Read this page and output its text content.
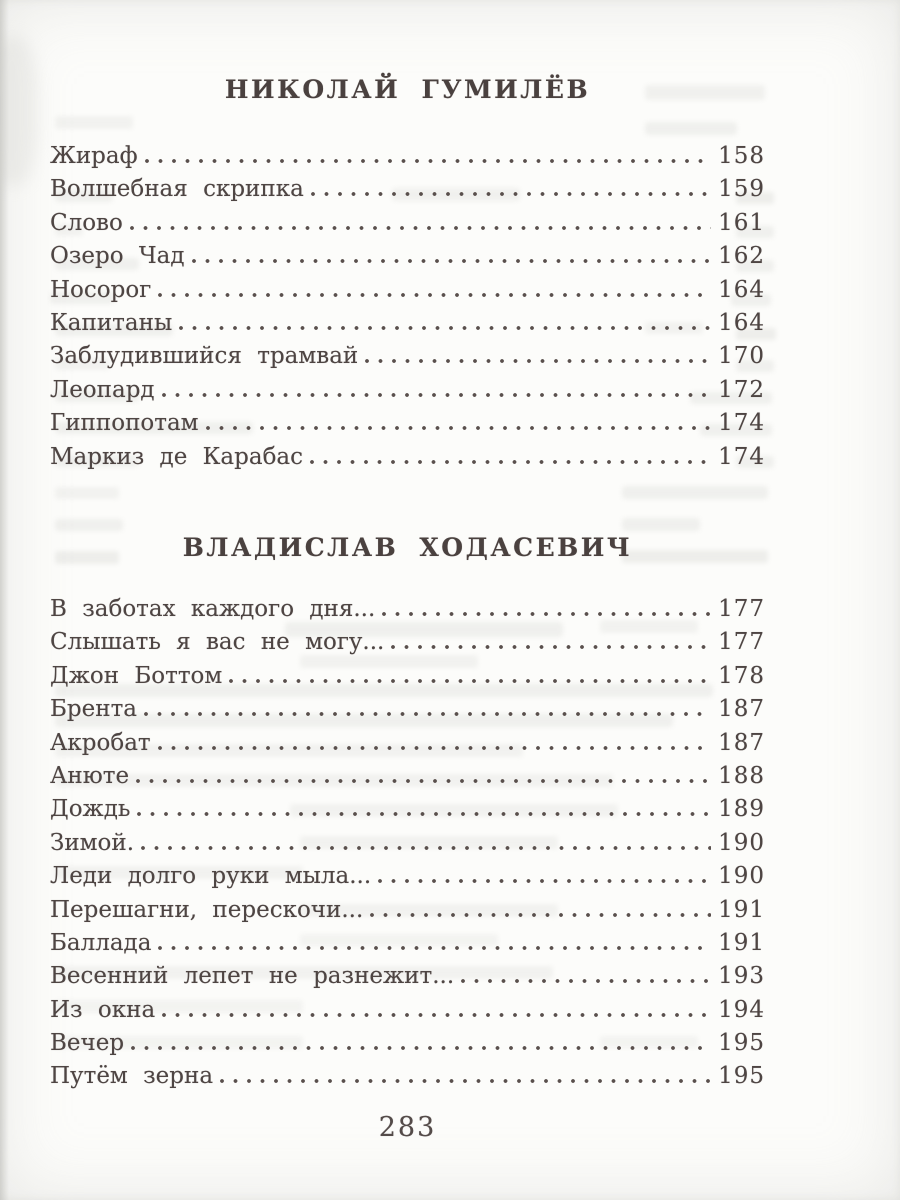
НИКОЛАЙ ГУМИЛЁВ
Жираф	158
Волшебная скрипка	159
Слово	161
Озеро Чад	162
Носорог	164
Капитаны	164
Заблудившийся трамвай	170
Леопард	172
Гиппопотам	174
Маркиз де Карабас	174
ВЛАДИСЛАВ ХОДАСЕВИЧ
В заботах каждого дня...	177
Слышать я вас не могу...	177
Джон Боттом	178
Брента	187
Акробат	187
Анюте	188
Дождь	189
Зимой.	190
Леди долго руки мыла...	190
Перешагни, перескочи...	191
Баллада	191
Весенний лепет не разнежит...	193
Из окна	194
Вечер	195
Путём зерна	195
283
